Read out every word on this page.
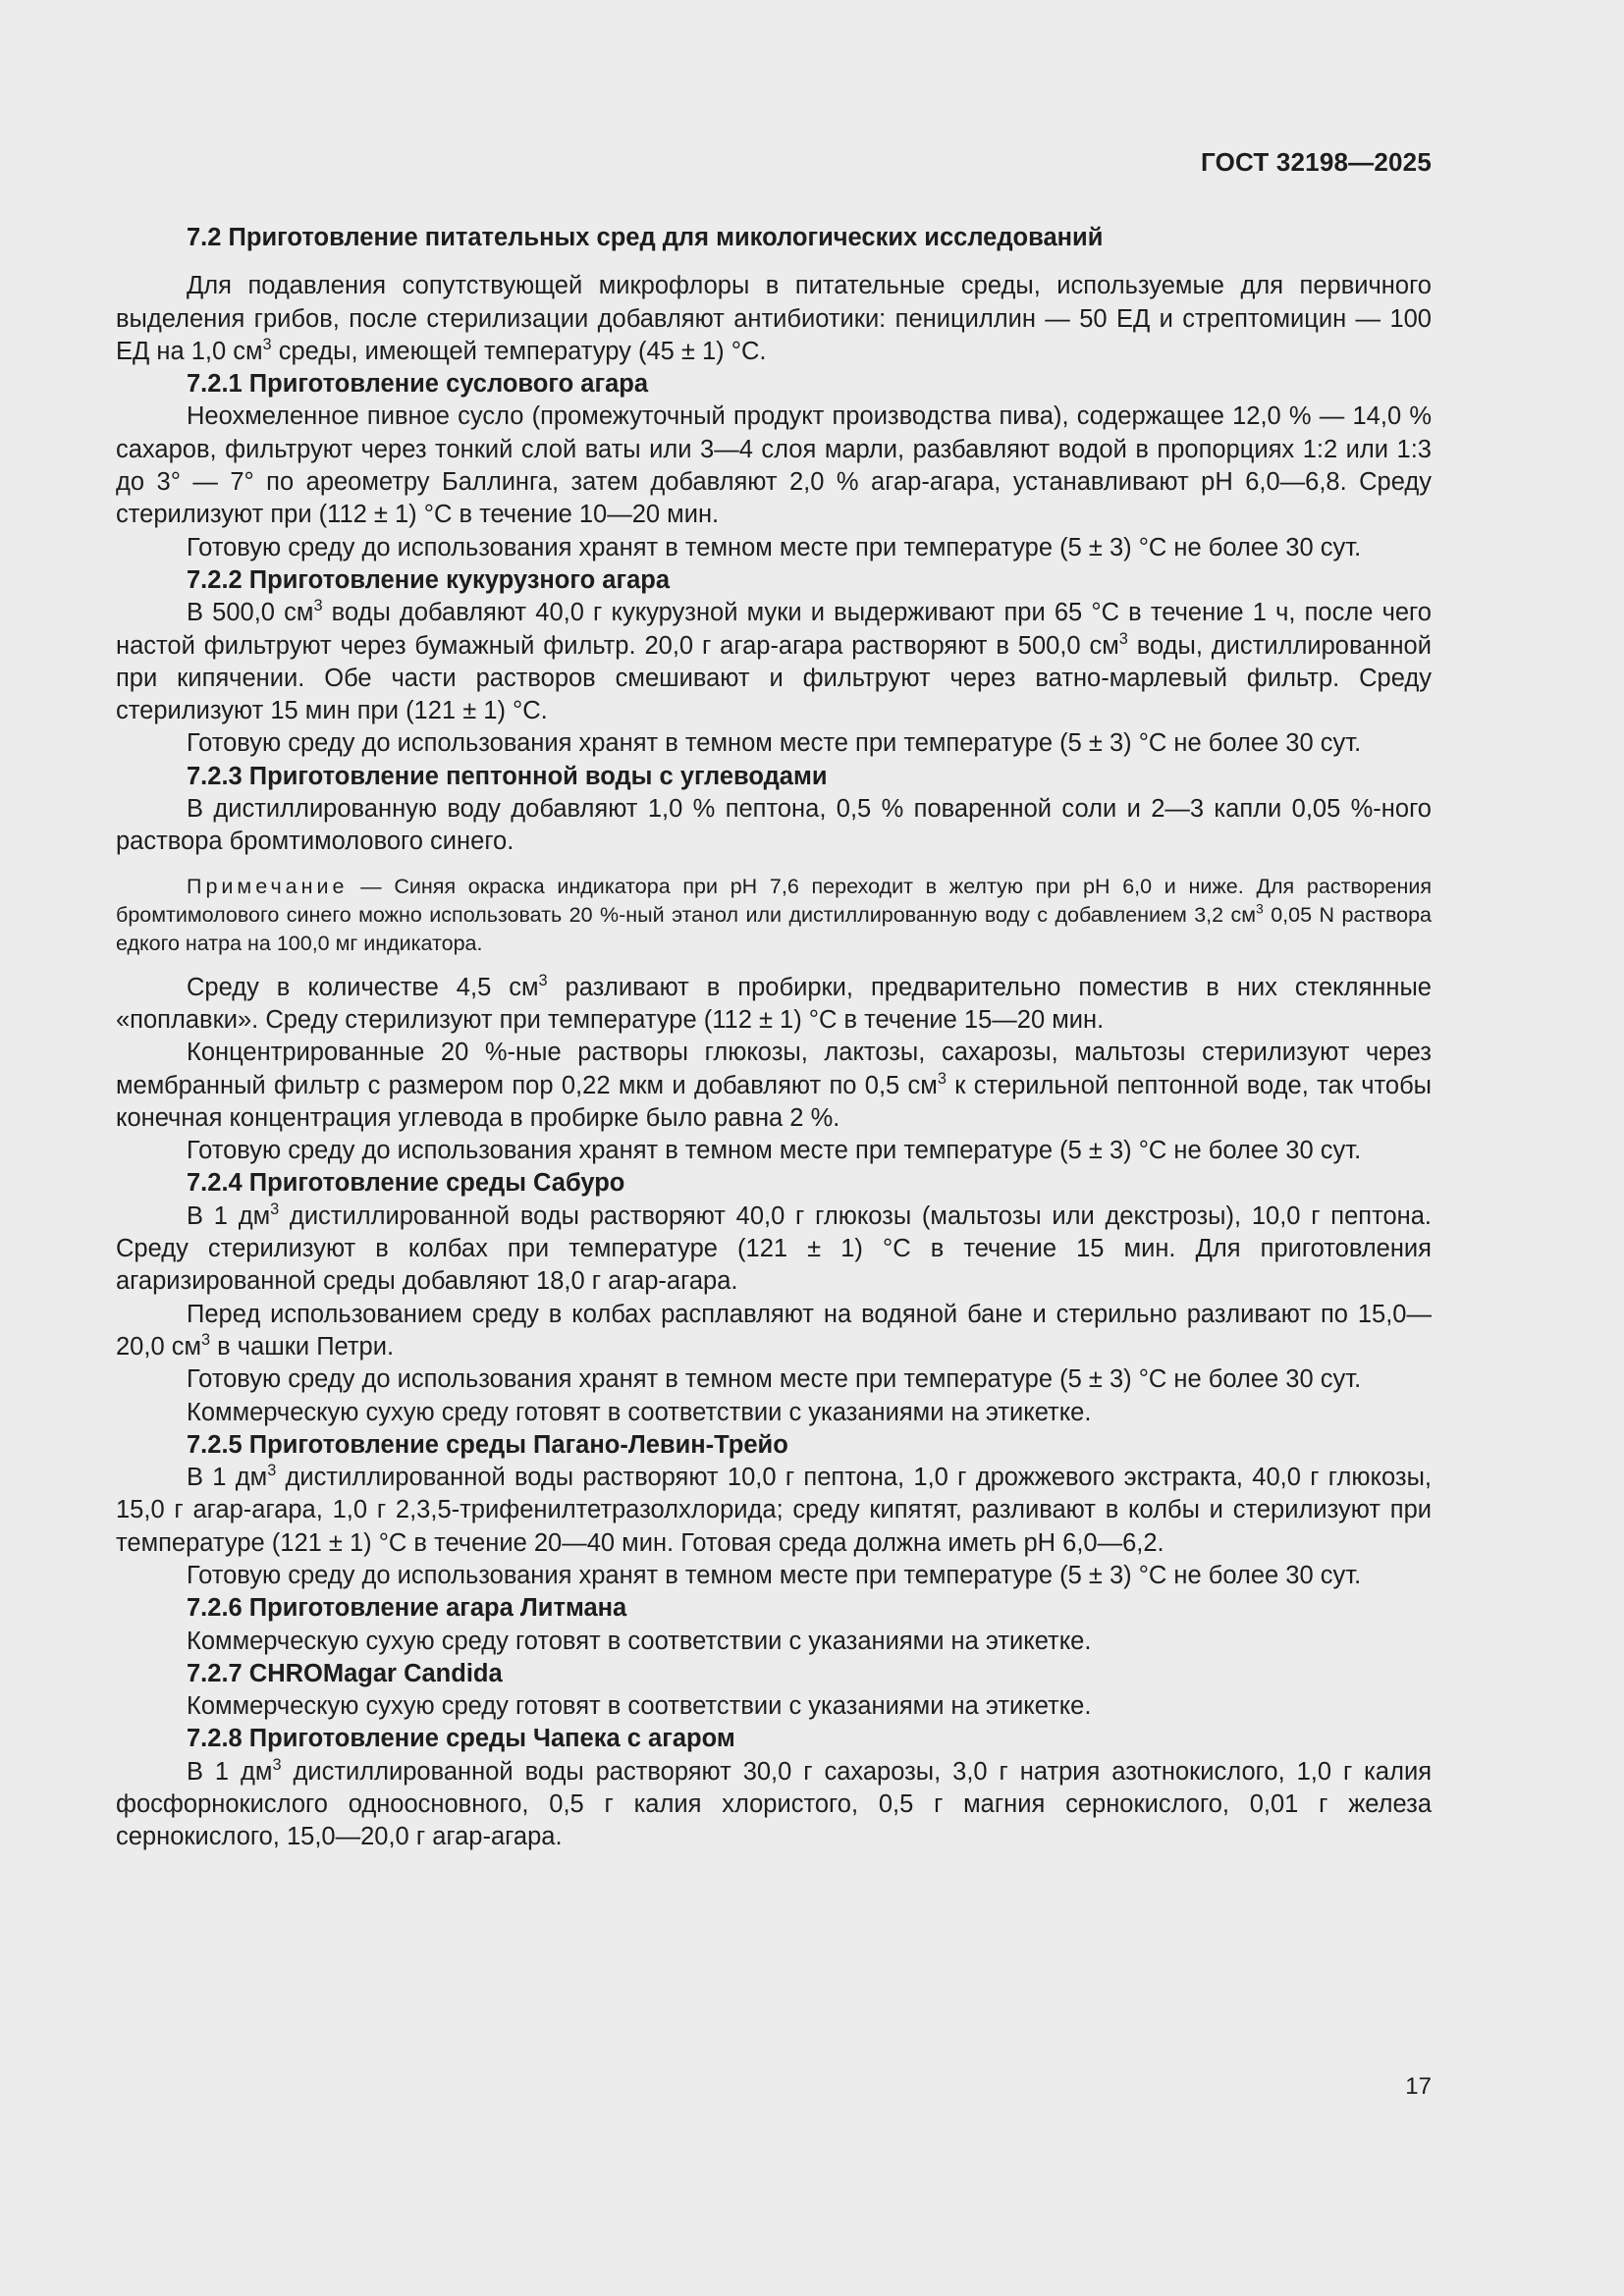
ГОСТ 32198—2025

7.2 Приготовление питательных сред для микологических исследований

Для подавления сопутствующей микрофлоры в питательные среды, используемые для первичного выделения грибов, после стерилизации добавляют антибиотики: пенициллин — 50 ЕД и стрептомицин — 100 ЕД на 1,0 $см^3$ среды, имеющей температуру (45 ± 1) °С.

7.2.1 Приготовление суслового агара

Неохмеленное пивное сусло (промежуточный продукт производства пива), содержащее 12,0 % — 14,0 % сахаров, фильтруют через тонкий слой ваты или 3—4 слоя марли, разбавляют водой в пропорциях 1:2 или 1:3 до 3° — 7° по ареометру Баллинга, затем добавляют 2,0 % агар-агара, устанавливают рН 6,0—6,8. Среду стерилизуют при (112 ± 1) °С в течение 10—20 мин.

Готовую среду до использования хранят в темном месте при температуре (5 ± 3) °С не более 30 сут.

7.2.2 Приготовление кукурузного агара

В 500,0 $см^3$ воды добавляют 40,0 г кукурузной муки и выдерживают при 65 °С в течение 1 ч, после чего настой фильтруют через бумажный фильтр. 20,0 г агар-агара растворяют в 500,0 $см^3$ воды, дистиллированной при кипячении. Обе части растворов смешивают и фильтруют через ватно-марлевый фильтр. Среду стерилизуют 15 мин при (121 ± 1) °С.

Готовую среду до использования хранят в темном месте при температуре (5 ± 3) °С не более 30 сут.

7.2.3 Приготовление пептонной воды с углеводами

В дистиллированную воду добавляют 1,0 % пептона, 0,5 % поваренной соли и 2—3 капли 0,05 %-ного раствора бромтимолового синего.

Примечание — Синяя окраска индикатора при рН 7,6 переходит в желтую при рН 6,0 и ниже. Для растворения бромтимолового синего можно использовать 20 %-ный этанол или дистиллированную воду с добавлением 3,2 $см^3$ 0,05 N раствора едкого натра на 100,0 мг индикатора.

Среду в количестве 4,5 $см^3$ разливают в пробирки, предварительно поместив в них стеклянные «поплавки». Среду стерилизуют при температуре (112 ± 1) °С в течение 15—20 мин.

Концентрированные 20 %-ные растворы глюкозы, лактозы, сахарозы, мальтозы стерилизуют через мембранный фильтр с размером пор 0,22 мкм и добавляют по 0,5 $см^3$ к стерильной пептонной воде, так чтобы конечная концентрация углевода в пробирке было равна 2 %.

Готовую среду до использования хранят в темном месте при температуре (5 ± 3) °С не более 30 сут.

7.2.4 Приготовление среды Сабуро

В 1 $дм^3$ дистиллированной воды растворяют 40,0 г глюкозы (мальтозы или декстрозы), 10,0 г пептона. Среду стерилизуют в колбах при температуре (121 ± 1) °С в течение 15 мин. Для приготовления агаризированной среды добавляют 18,0 г агар-агара.

Перед использованием среду в колбах расплавляют на водяной бане и стерильно разливают по 15,0—20,0 $см^3$ в чашки Петри.

Готовую среду до использования хранят в темном месте при температуре (5 ± 3) °С не более 30 сут.

Коммерческую сухую среду готовят в соответствии с указаниями на этикетке.

7.2.5 Приготовление среды Пагано-Левин-Трейо

В 1 $дм^3$ дистиллированной воды растворяют 10,0 г пептона, 1,0 г дрожжевого экстракта, 40,0 г глюкозы, 15,0 г агар-агара, 1,0 г 2,3,5-трифенилтетразолхлорида; среду кипятят, разливают в колбы и стерилизуют при температуре (121 ± 1) °С в течение 20—40 мин. Готовая среда должна иметь рН 6,0—6,2.

Готовую среду до использования хранят в темном месте при температуре (5 ± 3) °С не более 30 сут.

7.2.6 Приготовление агара Литмана

Коммерческую сухую среду готовят в соответствии с указаниями на этикетке.

7.2.7 CHROMagar Candida

Коммерческую сухую среду готовят в соответствии с указаниями на этикетке.

7.2.8 Приготовление среды Чапека с агаром

В 1 $дм^3$ дистиллированной воды растворяют 30,0 г сахарозы, 3,0 г натрия азотнокислого, 1,0 г калия фосфорнокислого одноосновного, 0,5 г калия хлористого, 0,5 г магния сернокислого, 0,01 г железа сернокислого, 15,0—20,0 г агар-агара.

17
